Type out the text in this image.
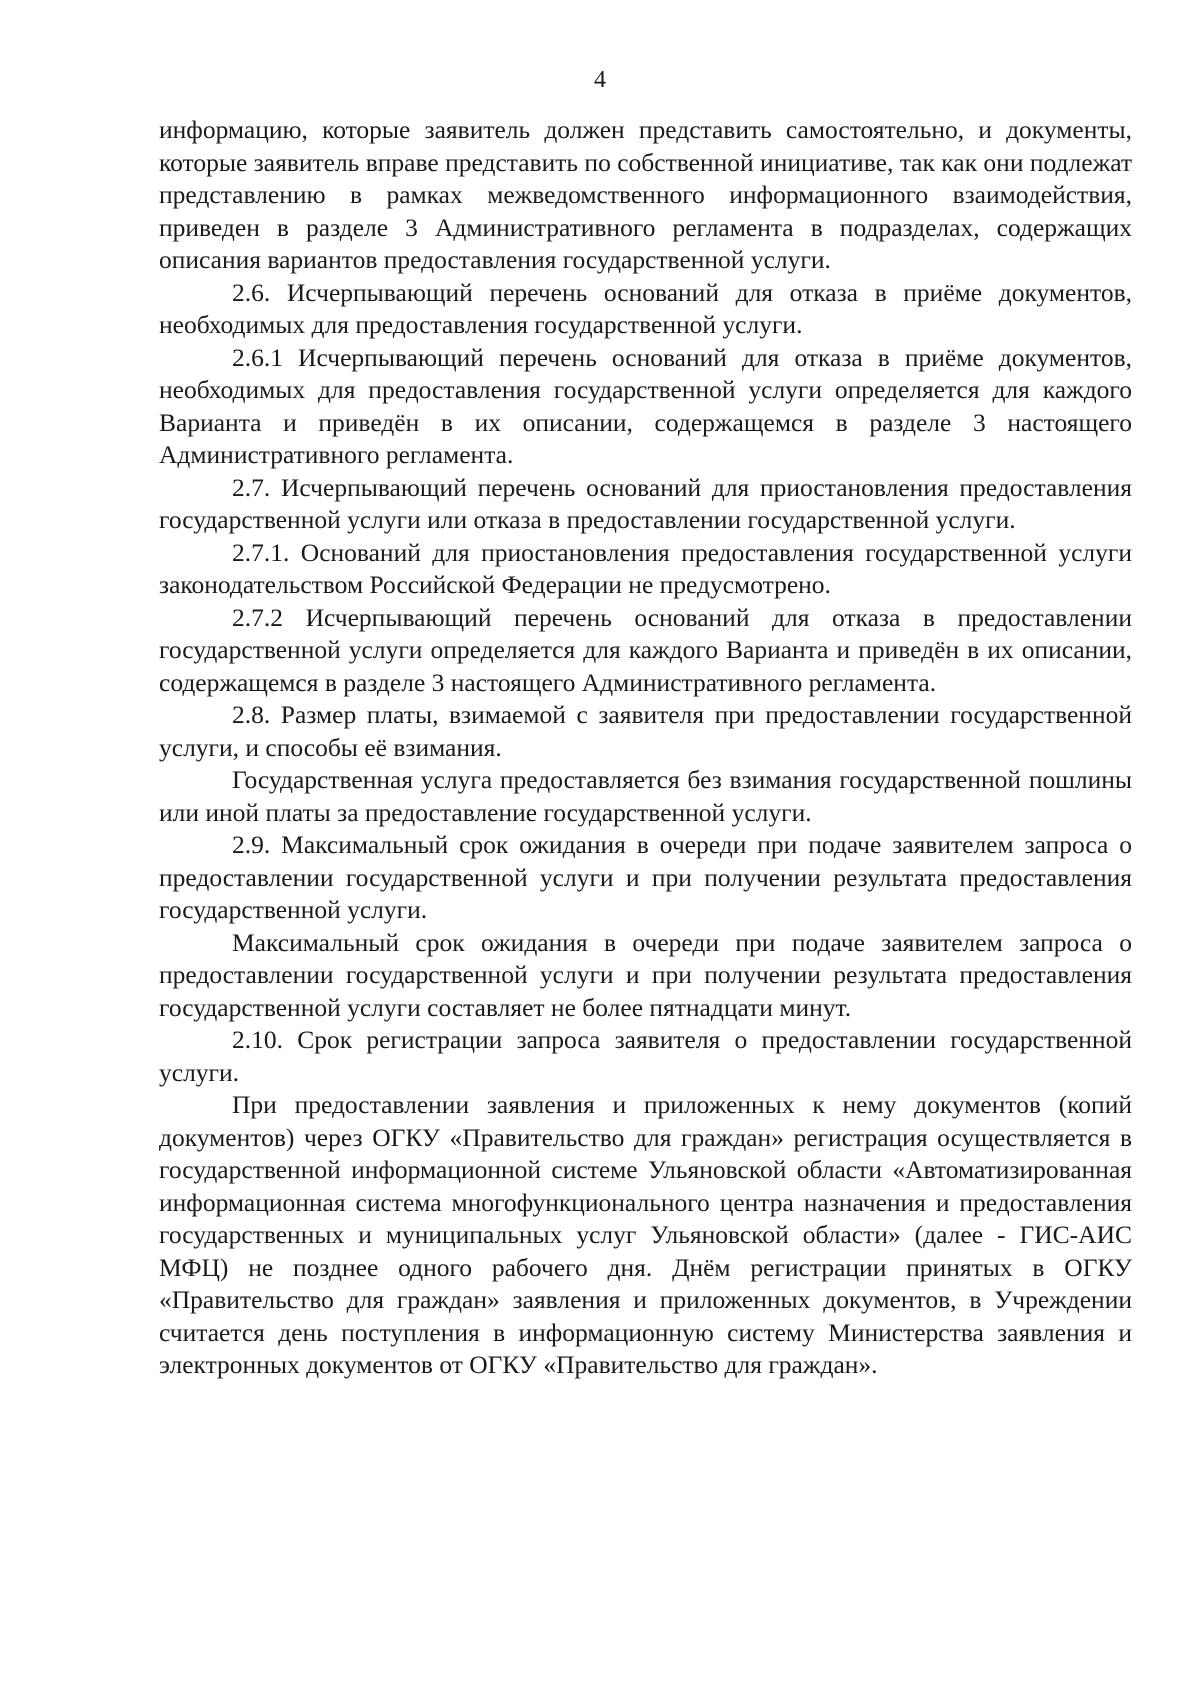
4

информацию, которые заявитель должен представить самостоятельно, и документы, которые заявитель вправе представить по собственной инициативе, так как они подлежат представлению в рамках межведомственного информационного взаимодействия, приведен в разделе 3 Административного регламента в подразделах, содержащих описания вариантов предоставления государственной услуги.

2.6. Исчерпывающий перечень оснований для отказа в приёме документов, необходимых для предоставления государственной услуги.

2.6.1 Исчерпывающий перечень оснований для отказа в приёме документов, необходимых для предоставления государственной услуги определяется для каждого Варианта и приведён в их описании, содержащемся в разделе 3 настоящего Административного регламента.

2.7. Исчерпывающий перечень оснований для приостановления предоставления государственной услуги или отказа в предоставлении государственной услуги.

2.7.1. Оснований для приостановления предоставления государственной услуги законодательством Российской Федерации не предусмотрено.

2.7.2 Исчерпывающий перечень оснований для отказа в предоставлении государственной услуги определяется для каждого Варианта и приведён в их описании, содержащемся в разделе 3 настоящего Административного регламента.

2.8. Размер платы, взимаемой с заявителя при предоставлении государственной услуги, и способы её взимания.

Государственная услуга предоставляется без взимания государственной пошлины или иной платы за предоставление государственной услуги.

2.9. Максимальный срок ожидания в очереди при подаче заявителем запроса о предоставлении государственной услуги и при получении результата предоставления государственной услуги.

Максимальный срок ожидания в очереди при подаче заявителем запроса о предоставлении государственной услуги и при получении результата предоставления государственной услуги составляет не более пятнадцати минут.

2.10. Срок регистрации запроса заявителя о предоставлении государственной услуги.

При предоставлении заявления и приложенных к нему документов (копий документов) через ОГКУ «Правительство для граждан» регистрация осуществляется в государственной информационной системе Ульяновской области «Автоматизированная информационная система многофункционального центра назначения и предоставления государственных и муниципальных услуг Ульяновской области» (далее - ГИС-АИС МФЦ) не позднее одного рабочего дня. Днём регистрации принятых в ОГКУ «Правительство для граждан» заявления и приложенных документов, в Учреждении считается день поступления в информационную систему Министерства заявления и электронных документов от ОГКУ «Правительство для граждан».
